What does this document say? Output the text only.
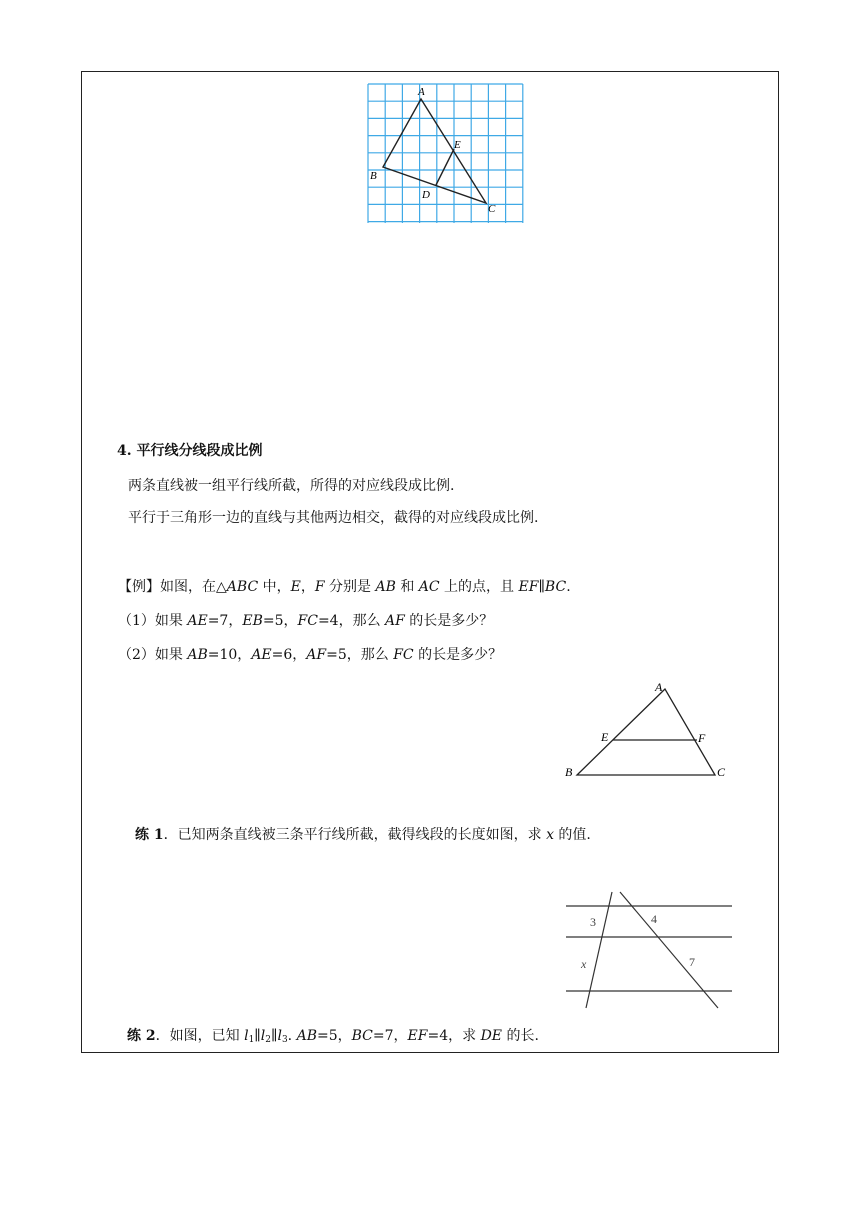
A
B
C
D
E
4. 平行线分线段成比例
两条直线被一组平行线所截，所得的对应线段成比例.
平行于三角形一边的直线与其他两边相交，截得的对应线段成比例.
【例】如图，在△ABC 中，E，F 分别是 AB 和 AC 上的点，且 EF∥BC.
（1）如果 AE=7，EB=5，FC=4，那么 AF 的长是多少？
（2）如果 AB=10，AE=6，AF=5，那么 FC 的长是多少？
A
B	C
E	F
练 1．已知两条直线被三条平行线所截，截得线段的长度如图，求 x 的值.
3	4
x	7
练 2．如图，已知 $l_1\parallel l_2\parallel l_3$. AB=5，BC=7，EF=4，求 DE 的长.
